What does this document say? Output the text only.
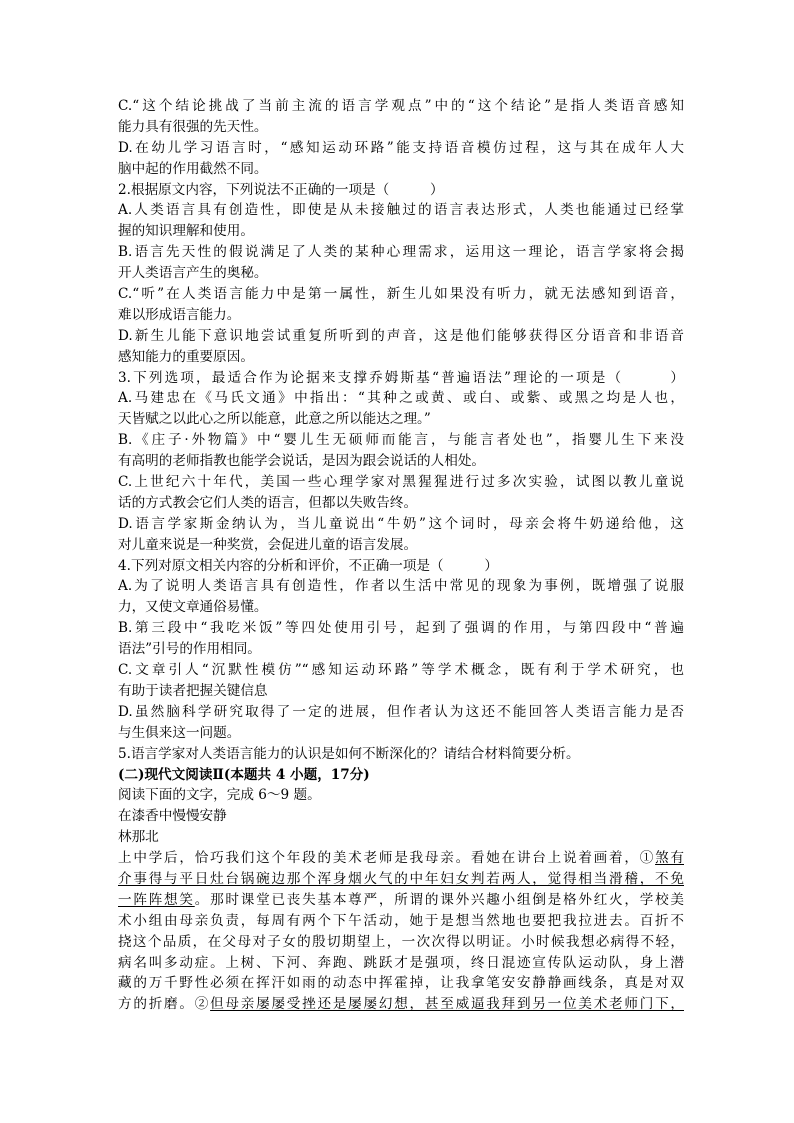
C.“这个结论挑战了当前主流的语言学观点”中的“这个结论”是指人类语音感知
能力具有很强的先天性。
D.在幼儿学习语言时，“感知运动环路”能支持语音模仿过程，这与其在成年人大
脑中起的作用截然不同。
2.根据原文内容，下列说法不正确的一项是（　　　）
A.人类语言具有创造性，即使是从未接触过的语言表达形式，人类也能通过已经掌
握的知识理解和使用。
B.语言先天性的假说满足了人类的某种心理需求，运用这一理论，语言学家将会揭
开人类语言产生的奥秘。
C.“听”在人类语言能力中是第一属性，新生儿如果没有听力，就无法感知到语音，
难以形成语言能力。
D.新生儿能下意识地尝试重复所听到的声音，这是他们能够获得区分语音和非语音
感知能力的重要原因。
3.下列选项，最适合作为论据来支撑乔姆斯基“普遍语法”理论的一项是（　　　）
A.马建忠在《马氏文通》中指出：“其种之或黄、或白、或紫、或黑之均是人也，
天皆赋之以此心之所以能意，此意之所以能达之理。”
B.《庄子·外物篇》中“婴儿生无硕师而能言，与能言者处也”，指婴儿生下来没
有高明的老师指教也能学会说话，是因为跟会说话的人相处。
C.上世纪六十年代，美国一些心理学家对黑猩猩进行过多次实验，试图以教儿童说
话的方式教会它们人类的语言，但都以失败告终。
D.语言学家斯金纳认为，当儿童说出“牛奶”这个词时，母亲会将牛奶递给他，这
对儿童来说是一种奖赏，会促进儿童的语言发展。
4.下列对原文相关内容的分析和评价，不正确一项是（　　　）
A.为了说明人类语言具有创造性，作者以生活中常见的现象为事例，既增强了说服
力，又使文章通俗易懂。
B.第三段中“我吃米饭”等四处使用引号，起到了强调的作用，与第四段中“普遍
语法”引号的作用相同。
C.文章引人“沉默性模仿”“感知运动环路”等学术概念，既有利于学术研究，也
有助于读者把握关键信息
D.虽然脑科学研究取得了一定的进展，但作者认为这还不能回答人类语言能力是否
与生俱来这一问题。
5.语言学家对人类语言能力的认识是如何不断深化的？请结合材料简要分析。
(二)现代文阅读Ⅱ(本题共 4 小题，17分)
阅读下面的文字，完成 6～9 题。
在漆香中慢慢安静
林那北
上中学后，恰巧我们这个年段的美术老师是我母亲。看她在讲台上说着画着，①煞有
介事得与平日灶台锅碗边那个浑身烟火气的中年妇女判若两人，觉得相当滑稽，不免
一阵阵想笑。那时课堂已丧失基本尊严，所谓的课外兴趣小组倒是格外红火，学校美
术小组由母亲负责，每周有两个下午活动，她于是想当然地也要把我拉进去。百折不
挠这个品质，在父母对子女的殷切期望上，一次次得以明证。小时候我想必病得不轻，
病名叫多动症。上树、下河、奔跑、跳跃才是强项，终日混迹宣传队运动队，身上潜
藏的万千野性必须在挥汗如雨的动态中挥霍掉，让我拿笔安安静静画线条，真是对双
方的折磨。②但母亲屡屡受挫还是屡屡幻想，甚至威逼我拜到另一位美术老师门下，
